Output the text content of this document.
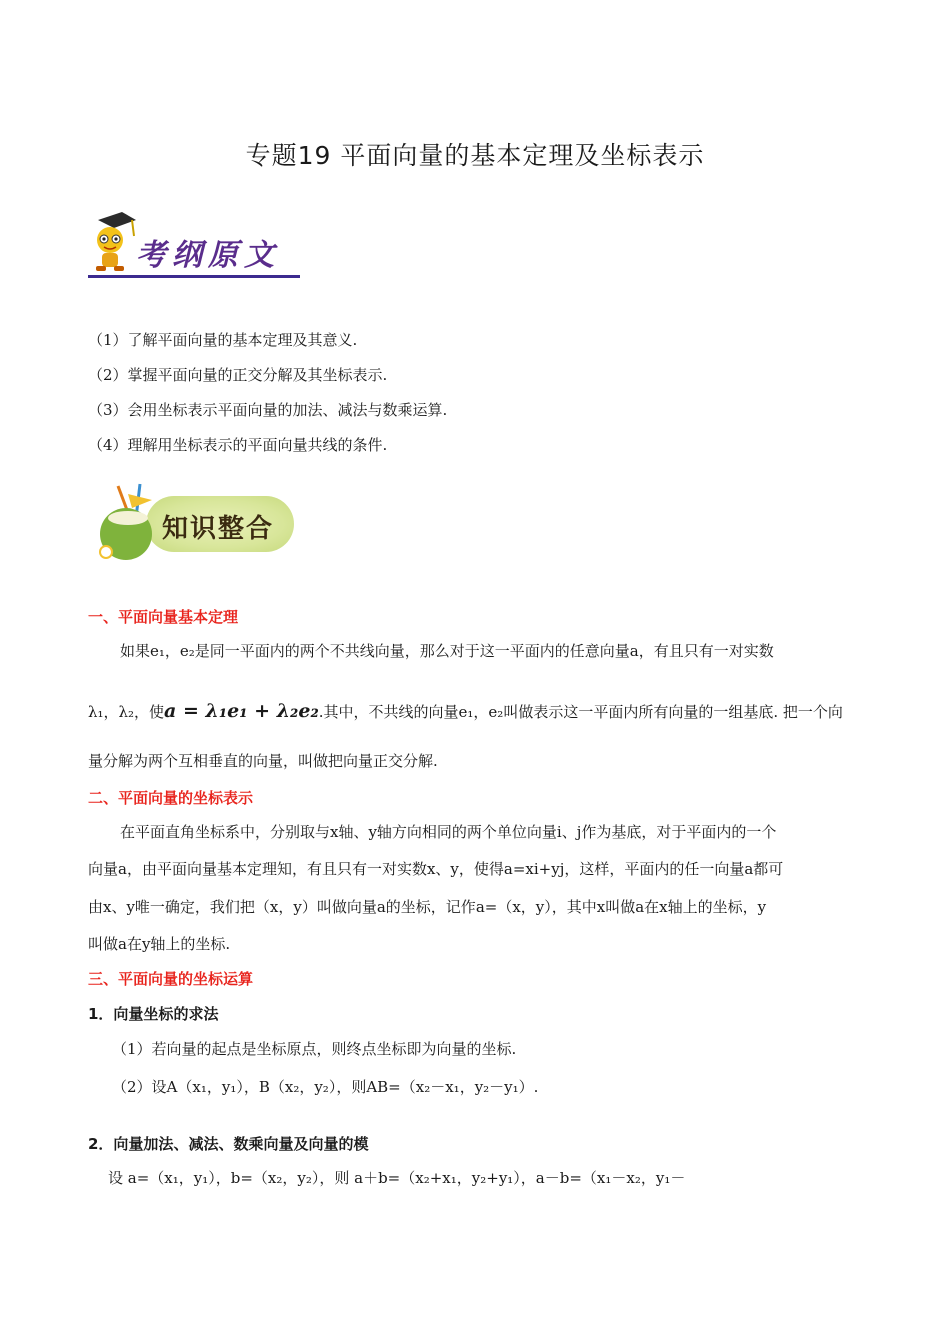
专题19 平面向量的基本定理及坐标表示
考纲原文
（1）了解平面向量的基本定理及其意义.
（2）掌握平面向量的正交分解及其坐标表示.
（3）会用坐标表示平面向量的加法、减法与数乘运算.
（4）理解用坐标表示的平面向量共线的条件.
知识整合
一、平面向量基本定理
如果e₁，e₂是同一平面内的两个不共线向量，那么对于这一平面内的任意向量a，有且只有一对实数
λ₁，λ₂，使a = λ₁e₁ + λ₂e₂.其中，不共线的向量e₁，e₂叫做表示这一平面内所有向量的一组基底. 把一个向
量分解为两个互相垂直的向量，叫做把向量正交分解.
二、平面向量的坐标表示
在平面直角坐标系中，分别取与x轴、y轴方向相同的两个单位向量i、j作为基底，对于平面内的一个
向量a，由平面向量基本定理知，有且只有一对实数x、y，使得a=xi+yj，这样，平面内的任一向量a都可
由x、y唯一确定，我们把（x，y）叫做向量a的坐标，记作a=（x，y），其中x叫做a在x轴上的坐标，y
叫做a在y轴上的坐标.
三、平面向量的坐标运算
1．向量坐标的求法
（1）若向量的起点是坐标原点，则终点坐标即为向量的坐标.
（2）设A（x₁，y₁），B（x₂，y₂），则AB=（x₂－x₁，y₂－y₁）.
2．向量加法、减法、数乘向量及向量的模
设 a=（x₁，y₁），b=（x₂，y₂），则 a＋b=（x₂+x₁，y₂+y₁），a－b=（x₁－x₂，y₁－
